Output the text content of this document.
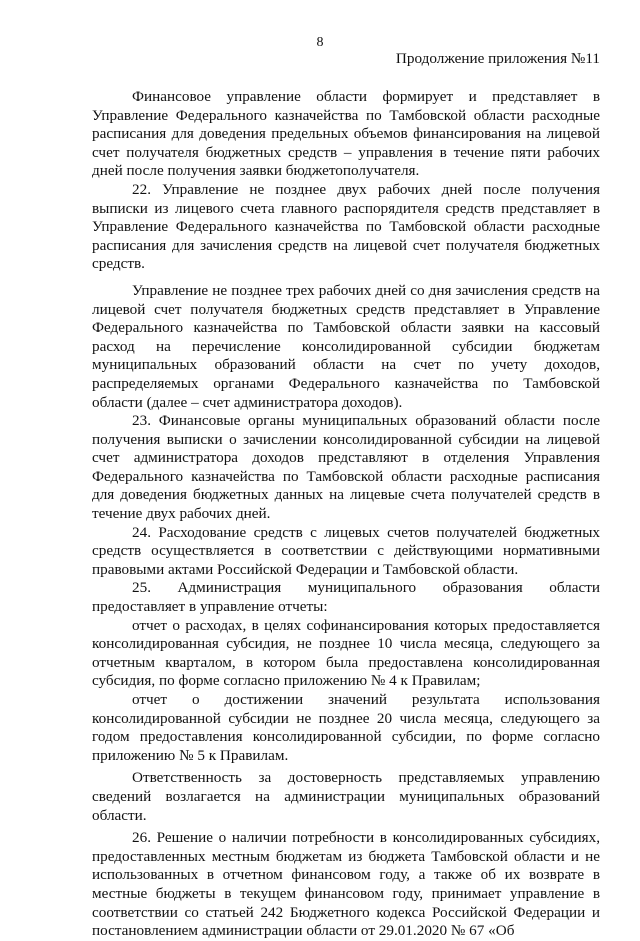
8
Продолжение приложения №11

Финансовое управление области формирует и представляет в Управление Федерального казначейства по Тамбовской области расходные расписания для доведения предельных объемов финансирования на лицевой счет получателя бюджетных средств – управления в течение пяти рабочих дней после получения заявки бюджетополучателя.

22. Управление не позднее двух рабочих дней после получения выписки из лицевого счета главного распорядителя средств представляет в Управление Федерального казначейства по Тамбовской области расходные расписания для зачисления средств на лицевой счет получателя бюджетных средств.

Управление не позднее трех рабочих дней со дня зачисления средств на лицевой счет получателя бюджетных средств представляет в Управление Федерального казначейства по Тамбовской области заявки на кассовый расход на перечисление консолидированной субсидии бюджетам муниципальных образований области на счет по учету доходов, распределяемых органами Федерального казначейства по Тамбовской области (далее – счет администратора доходов).

23. Финансовые органы муниципальных образований области после получения выписки о зачислении консолидированной субсидии на лицевой счет администратора доходов представляют в отделения Управления Федерального казначейства по Тамбовской области расходные расписания для доведения бюджетных данных на лицевые счета получателей средств в течение двух рабочих дней.

24. Расходование средств с лицевых счетов получателей бюджетных средств осуществляется в соответствии с действующими нормативными правовыми актами Российской Федерации и Тамбовской области.

25. Администрация муниципального образования области

предоставляет в управление отчеты:

отчет о расходах, в целях софинансирования которых предоставляется консолидированная субсидия, не позднее 10 числа месяца, следующего за отчетным кварталом, в котором была предоставлена консолидированная субсидия, по форме согласно приложению № 4 к Правилам;

отчет о достижении значений результата использования

консолидированной субсидии не позднее 20 числа месяца, следующего за годом предоставления консолидированной субсидии, по форме согласно приложению № 5 к Правилам.

Ответственность за достоверность представляемых управлению сведений возлагается на администрации муниципальных образований области.

26. Решение о наличии потребности в консолидированных субсидиях, предоставленных местным бюджетам из бюджета Тамбовской области и не использованных в отчетном финансовом году, а также об их возврате в местные бюджеты в текущем финансовом году, принимает управление в соответствии со статьей 242 Бюджетного кодекса Российской Федерации и постановлением администрации области от 29.01.2020 № 67 «Об
